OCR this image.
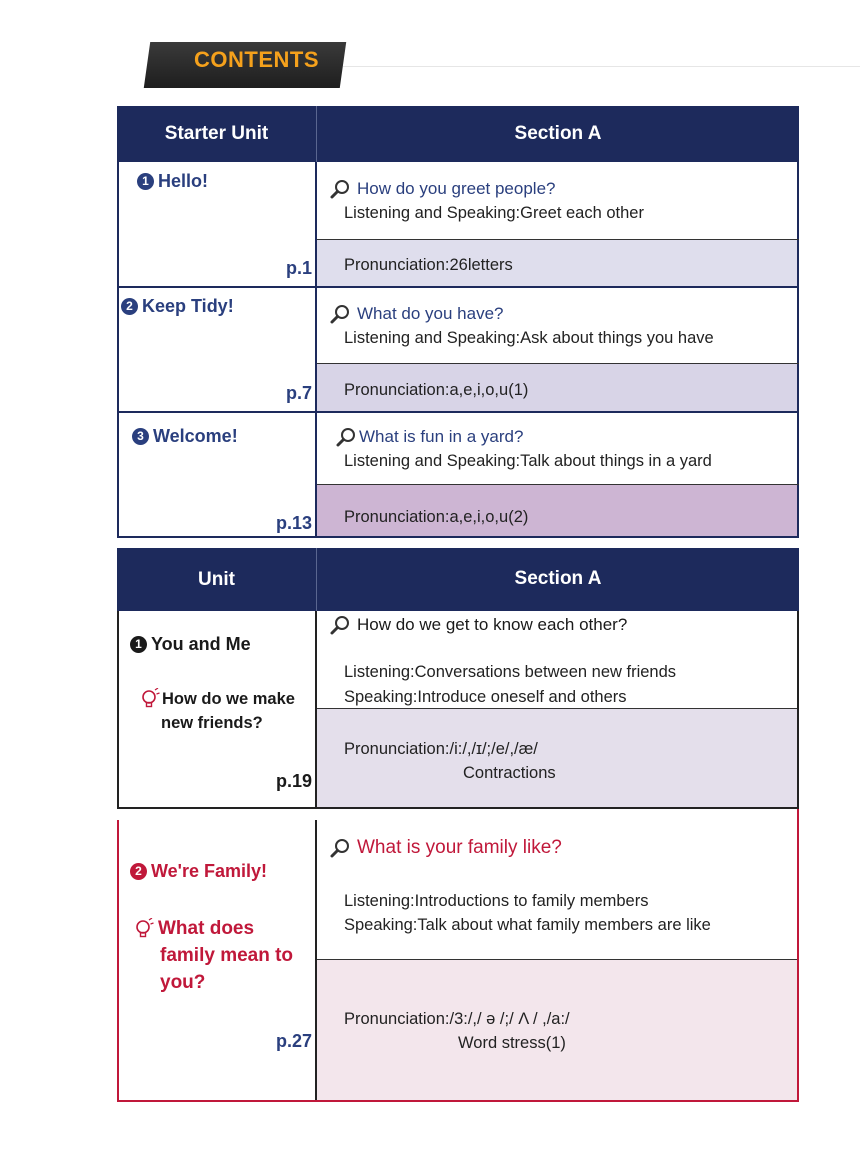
CONTENTS
Starter Unit	Section A
1 Hello!
p.1
How do you greet people?
Listening and Speaking:Greet each other
Pronunciation:26letters
2 Keep Tidy!
p.7
What do you have?
Listening and Speaking:Ask about things you have
Pronunciation:a,e,i,o,u(1)
3 Welcome!
p.13
What is fun in a yard?
Listening and Speaking:Talk about things in a yard
Pronunciation:a,e,i,o,u(2)
Unit	Section A
1 You and Me
How do we make
new friends?
p.19
How do we get to know each other?
Listening:Conversations between new friends
Speaking:Introduce oneself and others
Pronunciation:/i:/,/ɪ/;/e/,/æ/
Contractions
2 We're Family!
What does
family mean to
you?
p.27
What is your family like?
Listening:Introductions to family members
Speaking:Talk about what family members are like
Pronunciation:/3:/,/ ə /;/ Λ / ,/a:/
Word stress(1)
